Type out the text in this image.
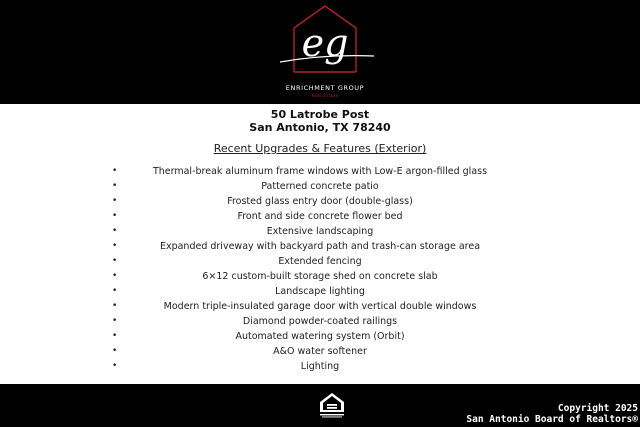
eg
ENRICHMENT GROUP
Real Estate
50 Latrobe Post
San Antonio, TX 78240
Recent Upgrades & Features (Exterior)
•	Thermal-break aluminum frame windows with Low-E argon-filled glass
•	Patterned concrete patio
•	Frosted glass entry door (double-glass)
•	Front and side concrete flower bed
•	Extensive landscaping
•	Expanded driveway with backyard path and trash-can storage area
•	Extended fencing
•	6×12 custom-built storage shed on concrete slab
•	Landscape lighting
•	Modern triple-insulated garage door with vertical double windows
•	Diamond powder-coated railings
•	Automated watering system (Orbit)
•	A&O water softener
•	Lighting
Copyright 2025
San Antonio Board of Realtors®
